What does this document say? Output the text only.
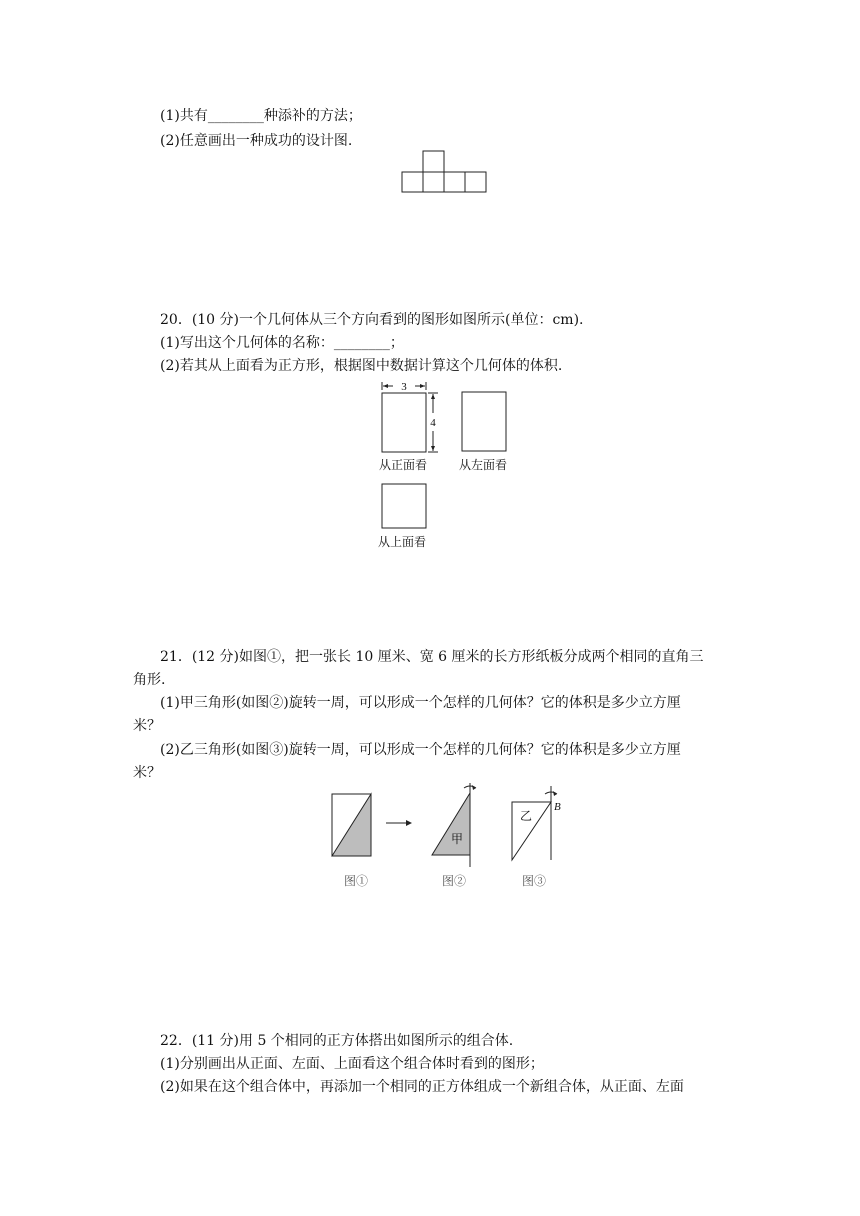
(1)共有________种添补的方法；
(2)任意画出一种成功的设计图.
20．(10 分)一个几何体从三个方向看到的图形如图所示(单位：cm).
(1)写出这个几何体的名称：________；
(2)若其从上面看为正方形，根据图中数据计算这个几何体的体积.
3
4
从正面看	从左面看
从上面看
21．(12 分)如图①，把一张长 10 厘米、宽 6 厘米的长方形纸板分成两个相同的直角三
角形.
(1)甲三角形(如图②)旋转一周，可以形成一个怎样的几何体？它的体积是多少立方厘
米？
(2)乙三角形(如图③)旋转一周，可以形成一个怎样的几何体？它的体积是多少立方厘
米？
甲
乙
B
图①	图②	图③
22．(11 分)用 5 个相同的正方体搭出如图所示的组合体.
(1)分别画出从正面、左面、上面看这个组合体时看到的图形；
(2)如果在这个组合体中，再添加一个相同的正方体组成一个新组合体，从正面、左面
